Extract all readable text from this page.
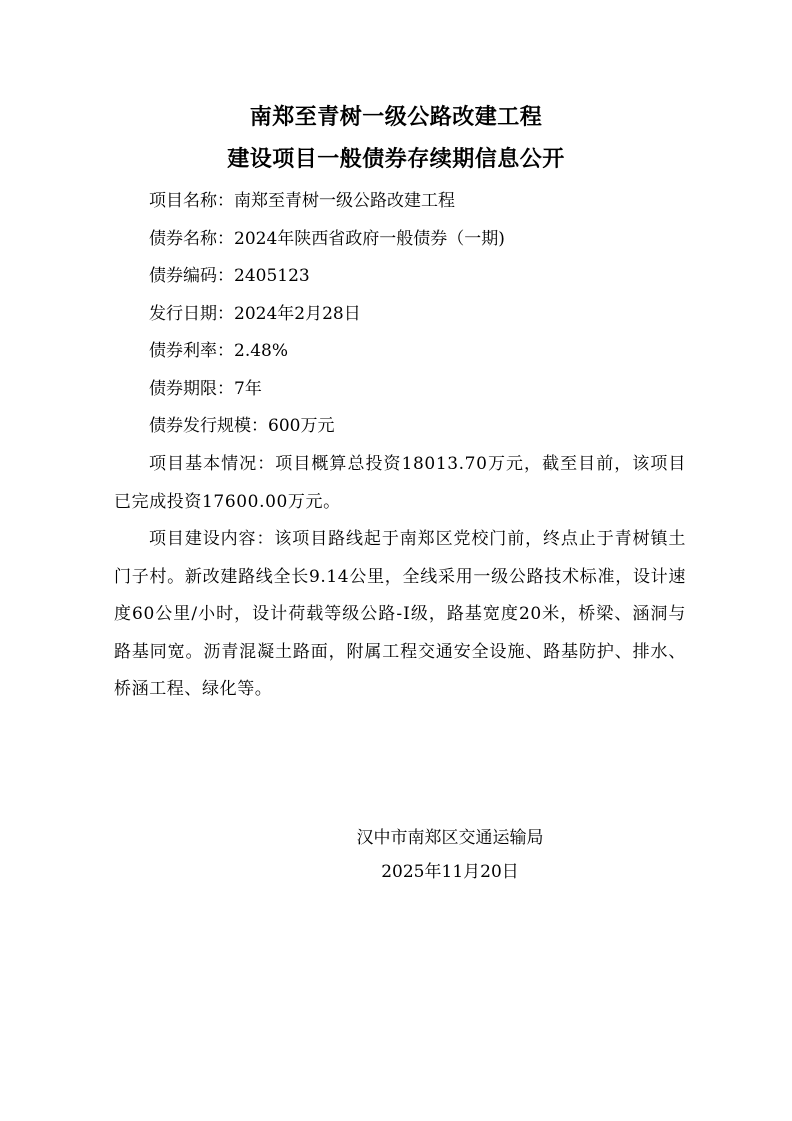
南郑至青树一级公路改建工程
建设项目一般债券存续期信息公开
项目名称：南郑至青树一级公路改建工程
债券名称：2024年陕西省政府一般债券（一期)
债券编码：2405123
发行日期：2024年2月28日
债券利率：2.48%
债券期限：7年
债券发行规模：600万元

项目基本情况：项目概算总投资18013.70万元，截至目前，该项目已完成投资17600.00万元。

项目建设内容：该项目路线起于南郑区党校门前，终点止于青树镇土门子村。新改建路线全长9.14公里，全线采用一级公路技术标准，设计速度60公里/小时，设计荷载等级公路-Ⅰ级，路基宽度20米，桥梁、涵洞与路基同宽。沥青混凝土路面，附属工程交通安全设施、路基防护、排水、桥涵工程、绿化等。

汉中市南郑区交通运输局
2025年11月20日
